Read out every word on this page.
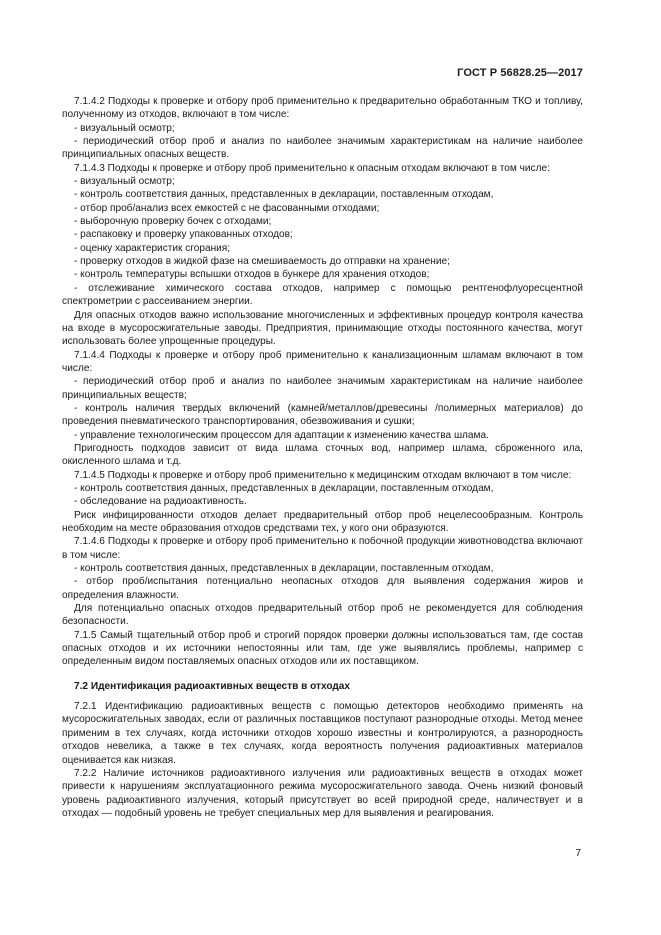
ГОСТ Р 56828.25—2017

7.1.4.2 Подходы к проверке и отбору проб применительно к предварительно обработанным ТКО и топливу, полученному из отходов, включают в том числе:

- визуальный осмотр;

- периодический отбор проб и анализ по наиболее значимым характеристикам на наличие наиболее принципиальных опасных веществ.

7.1.4.3 Подходы к проверке и отбору проб применительно к опасным отходам включают в том числе:

- визуальный осмотр;

- контроль соответствия данных, представленных в декларации, поставленным отходам,

- отбор проб/анализ всех емкостей с не фасованными отходами;

- выборочную проверку бочек с отходами;

- распаковку и проверку упакованных отходов;

- оценку характеристик сгорания;

- проверку отходов в жидкой фазе на смешиваемость до отправки на хранение;

- контроль температуры вспышки отходов в бункере для хранения отходов;

- отслеживание химического состава отходов, например с помощью рентгенофлуоресцентной спектрометрии с рассеиванием энергии.

Для опасных отходов важно использование многочисленных и эффективных процедур контроля качества на входе в мусоросжигательные заводы. Предприятия, принимающие отходы постоянного качества, могут использовать более упрощенные процедуры.

7.1.4.4 Подходы к проверке и отбору проб применительно к канализационным шламам включают в том числе:

- периодический отбор проб и анализ по наиболее значимым характеристикам на наличие наиболее принципиальных веществ;

- контроль наличия твердых включений (камней/металлов/древесины /полимерных материалов) до проведения пневматического транспортирования, обезвоживания и сушки;

- управление технологическим процессом для адаптации к изменению качества шлама.

Пригодность подходов зависит от вида шлама сточных вод, например шлама, сброженного ила, окисленного шлама и т.д.

7.1.4.5 Подходы к проверке и отбору проб применительно к медицинским отходам включают в том числе:

- контроль соответствия данных, представленных в декларации, поставленным отходам,

- обследование на радиоактивность.

Риск инфицированности отходов делает предварительный отбор проб нецелесообразным. Контроль необходим на месте образования отходов средствами тех, у кого они образуются.

7.1.4.6 Подходы к проверке и отбору проб применительно к побочной продукции животноводства включают в том числе:

- контроль соответствия данных, представленных в декларации, поставленным отходам,

- отбор проб/испытания потенциально неопасных отходов для выявления содержания жиров и определения влажности.

Для потенциально опасных отходов предварительный отбор проб не рекомендуется для соблюдения безопасности.

7.1.5 Самый тщательный отбор проб и строгий порядок проверки должны использоваться там, где состав опасных отходов и их источники непостоянны или там, где уже выявлялись проблемы, например с определенным видом поставляемых опасных отходов или их поставщиком.

7.2 Идентификация радиоактивных веществ в отходах

7.2.1 Идентификацию радиоактивных веществ с помощью детекторов необходимо применять на мусоросжигательных заводах, если от различных поставщиков поступают разнородные отходы. Метод менее применим в тех случаях, когда источники отходов хорошо известны и контролируются, а разнородность отходов невелика, а также в тех случаях, когда вероятность получения радиоактивных материалов оценивается как низкая.

7.2.2 Наличие источников радиоактивного излучения или радиоактивных веществ в отходах может привести к нарушениям эксплуатационного режима мусоросжигательного завода. Очень низкий фоновый уровень радиоактивного излучения, который присутствует во всей природной среде, наличествует и в отходах — подобный уровень не требует специальных мер для выявления и реагирования.

7
